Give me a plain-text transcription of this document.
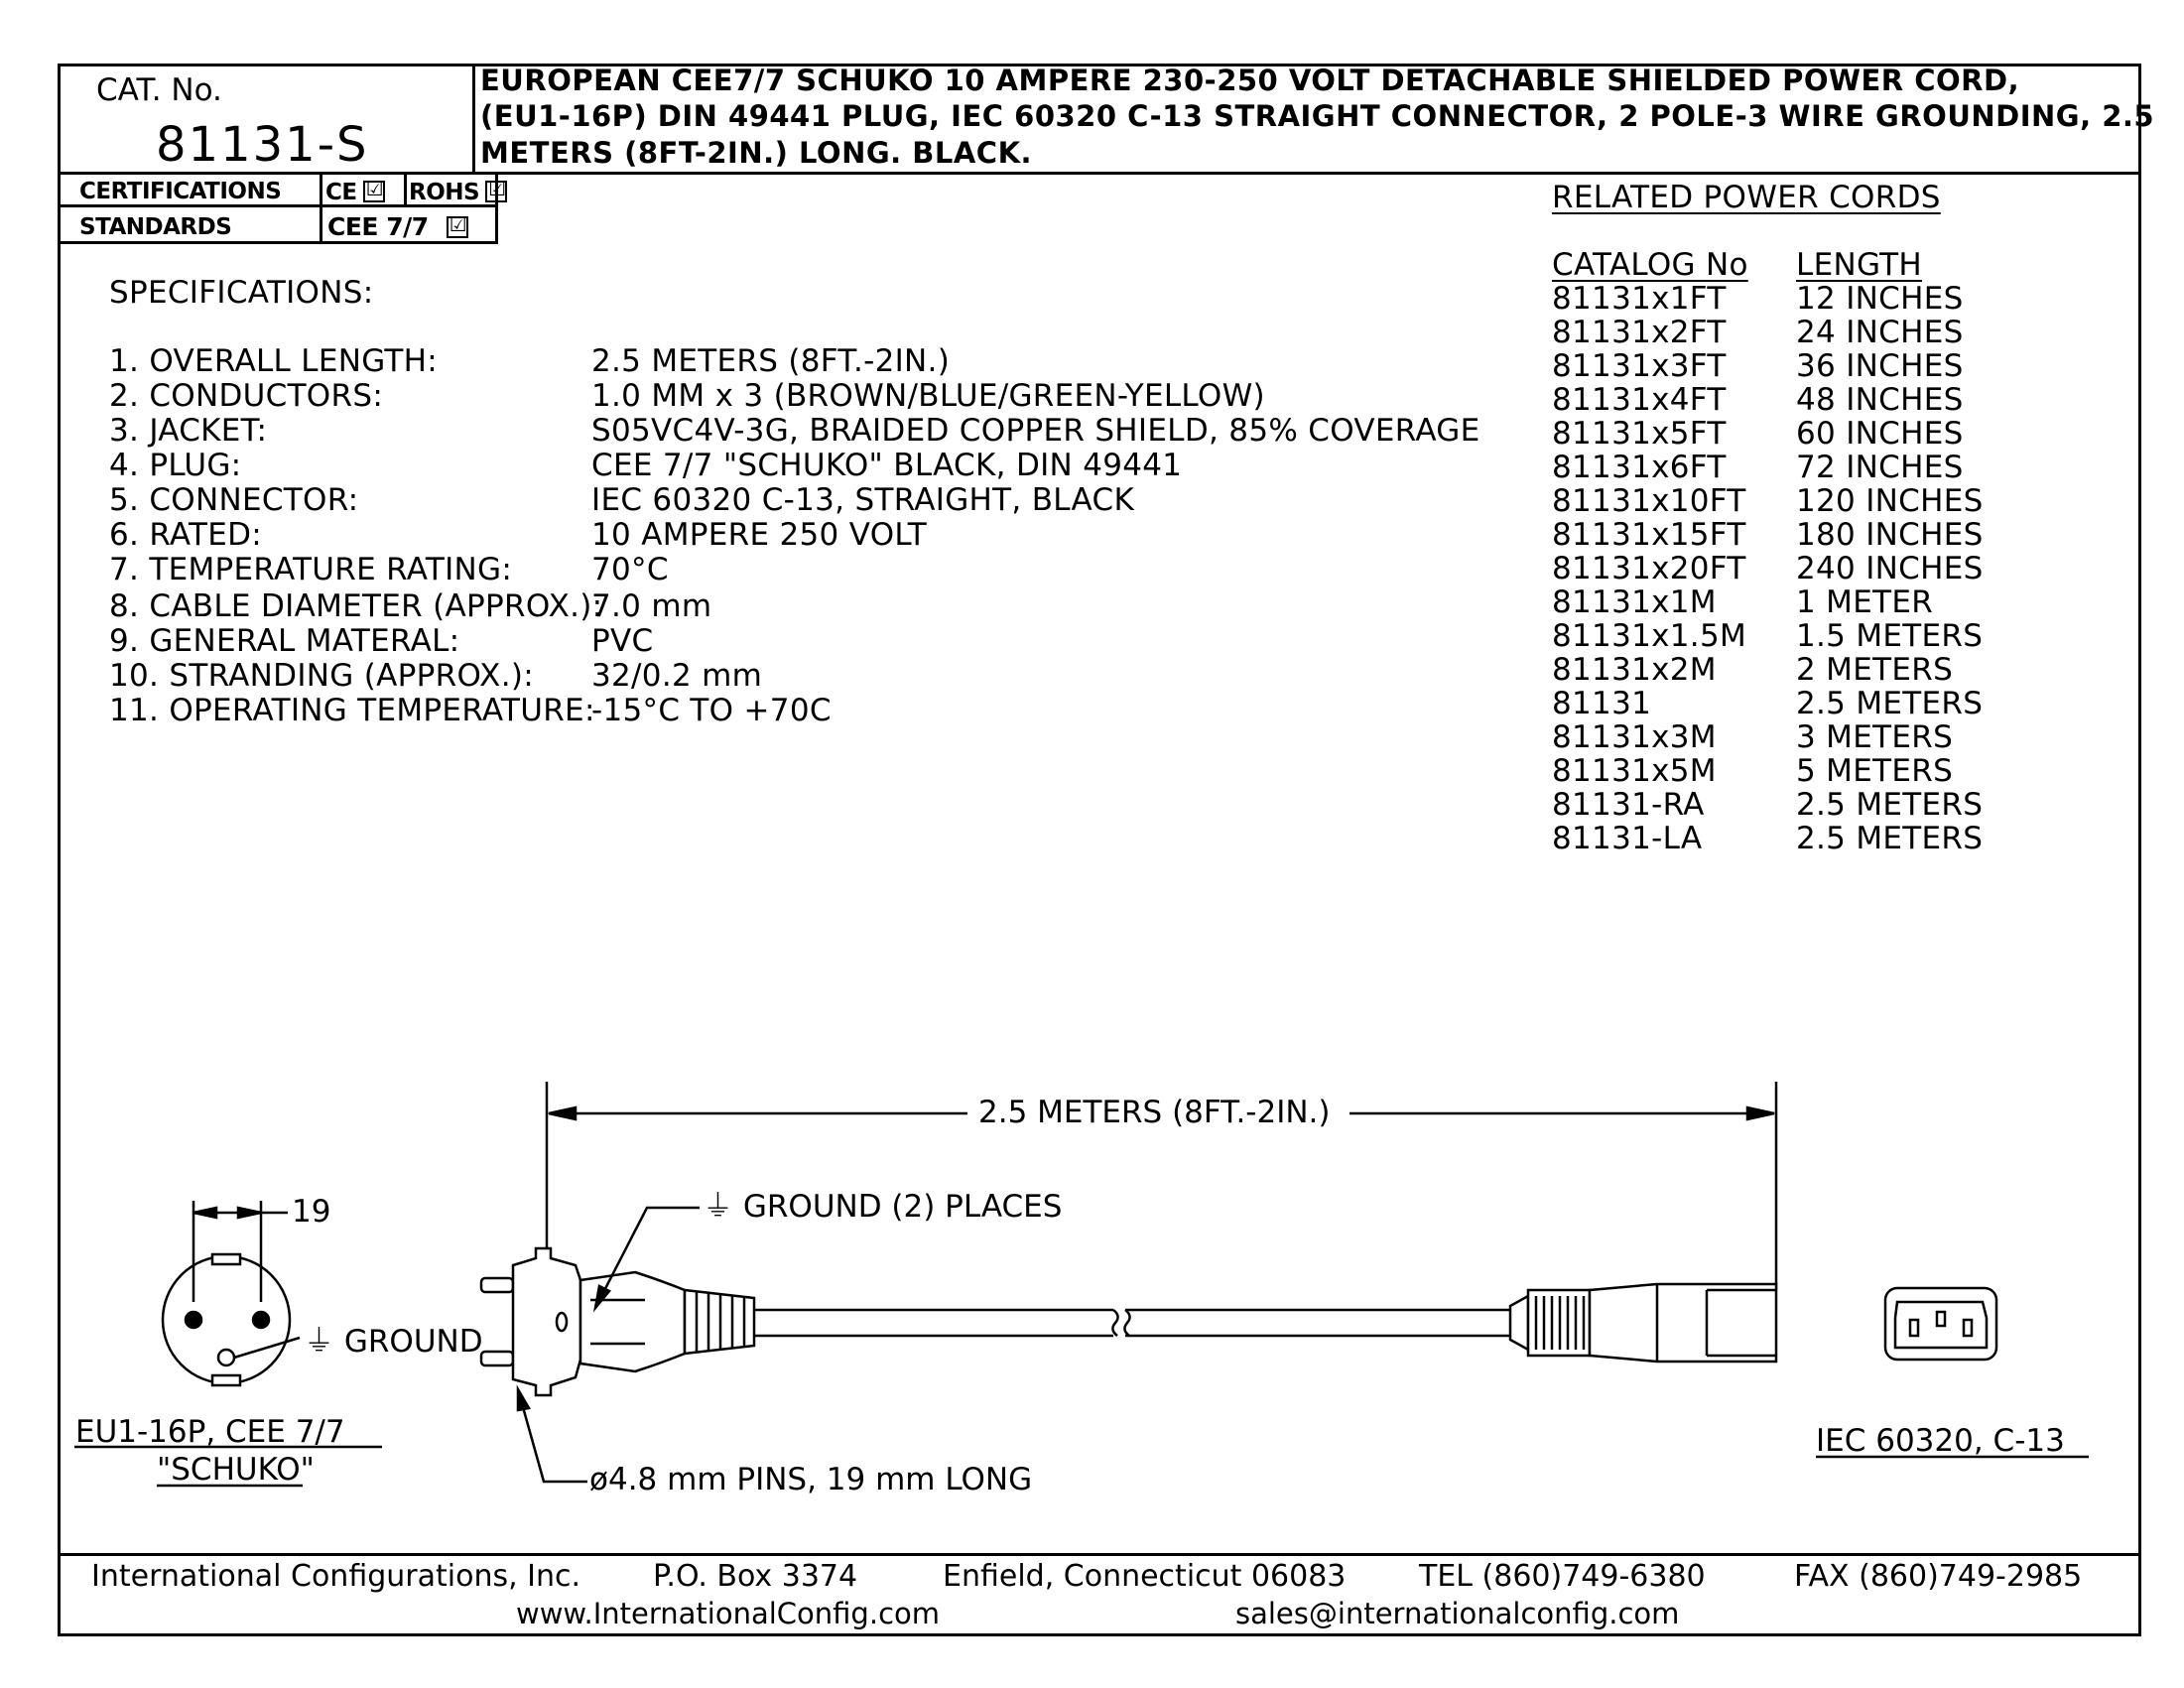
CAT. No.
81131-S
EUROPEAN CEE7/7 SCHUKO 10 AMPERE 230-250 VOLT DETACHABLE SHIELDED POWER CORD,
(EU1-16P) DIN 49441 PLUG, IEC 60320 C-13 STRAIGHT CONNECTOR, 2 POLE-3 WIRE GROUNDING, 2.5
METERS (8FT-2IN.) LONG. BLACK.
CERTIFICATIONS CE ☑ ROHS ☑
STANDARDS	CEE 7/7 ☑
SPECIFICATIONS:
1. OVERALL LENGTH:	2.5 METERS (8FT.-2IN.)
2. CONDUCTORS:	1.0 MM x 3 (BROWN/BLUE/GREEN-YELLOW)
3. JACKET:	S05VC4V-3G, BRAIDED COPPER SHIELD, 85% COVERAGE
4. PLUG:	CEE 7/7 "SCHUKO" BLACK, DIN 49441
5. CONNECTOR:	IEC 60320 C-13, STRAIGHT, BLACK
6. RATED:	10 AMPERE 250 VOLT
7. TEMPERATURE RATING:	70°C
8. CABLE DIAMETER (APPROX.):
7.0 mm
9. GENERAL MATERAL:	PVC
10. STRANDING (APPROX.): 32/0.2 mm
11. OPERATING TEMPERATURE:
-15°C TO +70C
RELATED POWER CORDS
CATALOG No LENGTH
81131x1FT 12 INCHES
81131x2FT 24 INCHES
81131x3FT 36 INCHES
81131x4FT 48 INCHES
81131x5FT 60 INCHES
81131x6FT 72 INCHES
81131x10FT 120 INCHES
81131x15FT 180 INCHES
81131x20FT 240 INCHES
81131x1M	1 METER
81131x1.5M 1.5 METERS
81131x2M	2 METERS
81131	2.5 METERS
81131x3M	3 METERS
81131x5M	5 METERS
81131-RA	2.5 METERS
81131-LA	2.5 METERS
2.5 METERS (8FT.-2IN.)
19	⏚ GROUND (2) PLACES
⏚ GROUND
ø4.8 mm PINS, 19 mm LONG
EU1-16P, CEE 7/7
"SCHUKO"
IEC 60320, C-13
International Configurations, Inc. P.O. Box 3374	Enfield, Connecticut 06083 TEL (860)749-6380	FAX (860)749-2985
www.InternationalConfig.com	sales@internationalconfig.com
